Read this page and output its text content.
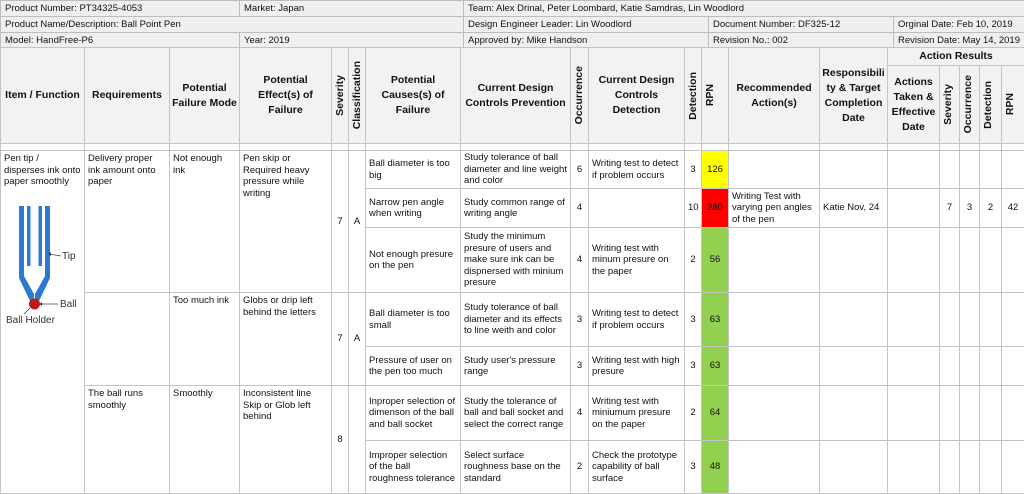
Product Number: PT34325-4053	Market: Japan	Team: Alex Drinal, Peter Loombard, Katie Samdras, Lin Woodlord		
Product Name/Description: Ball Point Pen		Design Engineer Leader: Lin Woodlord	Document Number: DF325-12	Orginal Date: Feb 10, 2019
Model: HandFree-P6	Year: 2019	Approved by: Mike Handson	Revision No.: 002	Revision Date: May 14, 2019
Item / Function	Requirements	Potential Failure Mode	Potential Effect(s) of Failure	Severity	Classification	Potential Causes(s) of Failure	Current Design Controls Prevention	Occurrence	Current Design Controls Detection	Detection	RPN	Recommended Action(s)	Responsibili ty & Target Completion Date	Action Results				
														Actions Taken & Effective Date	Severity	Occurrence	Detection	RPN

Pen tip / disperses ink onto paper smoothly
Tip
Ball
Ball Holder	Delivery proper ink amount onto paper	Not enough ink	Pen skip or Required heavy pressure while writing	7	A	Ball diameter is too big	Study tolerance of ball diameter and line weight and color	6	Writing test to detect if problem occurs	3	126							
						Narrow pen angle when writing	Study common range of writing angle	4		10	280	Writing Test with varying pen angles of the pen	Katie Nov, 24		7	3	2	42
						Not enough presure on the pen	Study the minimum presure of users and make sure ink can be dispnersed with minium presure	4	Writing test with minum presure on the paper	2	56							
		Too much ink	Globs or drip left behind the letters	7	A	Ball diameter is too small	Study tolerance of ball diameter and its effects to line weith and color	3	Writing test to detect if problem occurs	3	63							
						Pressure of user on the pen too much	Study user's pressure range	3	Writing test with high presure	3	63							
	The ball runs smoothly	Smoothly	Inconsistent line Skip or Glob left behind	8		Inproper selection of dimenson of the ball and ball socket	Study the tolerance of ball and ball socket and select the correct range	4	Writing test with miniumum presure on the paper	2	64							
						Improper selection of the ball roughness tolerance	Select surface roughness base on the standard	2	Check the prototype capability of ball surface	3	48							
